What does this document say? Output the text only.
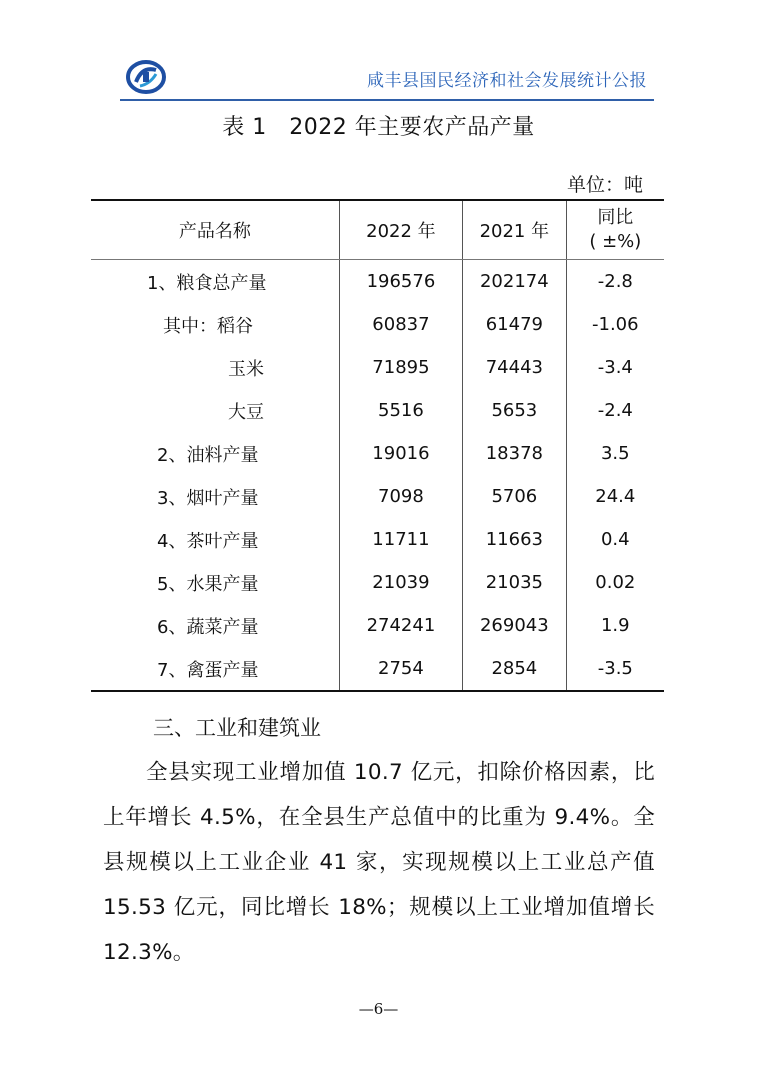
咸丰县国民经济和社会发展统计公报
表 1　2022 年主要农产品产量
单位：吨
产品名称	2022 年	2021 年	同比
( ±%)

1、粮食总产量	196576	202174	-2.8
其中：稻谷	60837	61479	-1.06
玉米	71895	74443	-3.4
大豆	5516	5653	-2.4
2、油料产量	19016	18378	3.5
3、烟叶产量	7098	5706	24.4
4、茶叶产量	11711	11663	0.4
5、水果产量	21039	21035	0.02
6、蔬菜产量	274241	269043	1.9
7、禽蛋产量	2754	2854	-3.5
三、工业和建筑业
全县实现工业增加值 10.7 亿元，扣除价格因素，比上年增长 4.5%，在全县生产总值中的比重为 9.4%。全县规模以上工业企业 41 家，实现规模以上工业总产值 15.53 亿元，同比增长 18%；规模以上工业增加值增长 12.3%。
—6—
